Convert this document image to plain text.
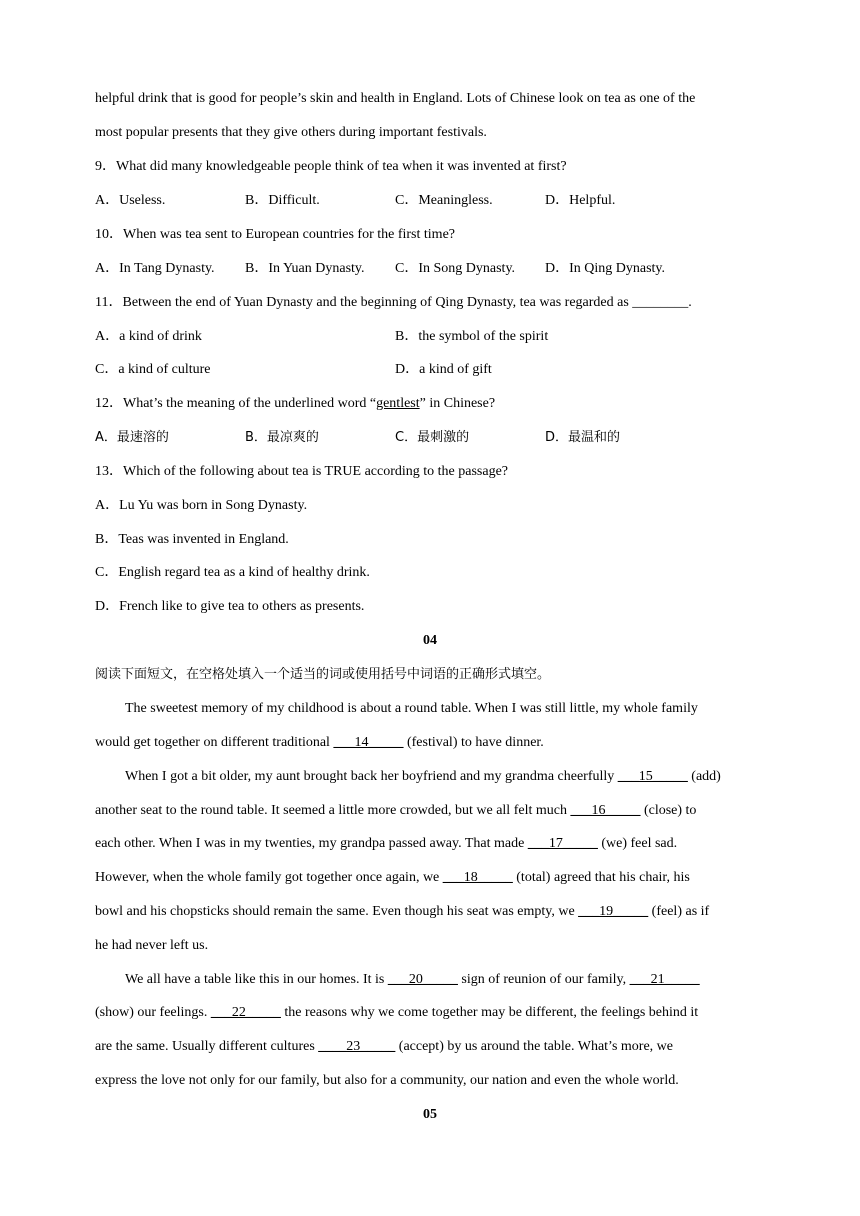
helpful drink that is good for people’s skin and health in England. Lots of Chinese look on tea as one of the
most popular presents that they give others during important festivals.
9．What did many knowledgeable people think of tea when it was invented at first?
A．Useless.	B．Difficult.	C．Meaningless.	D．Helpful.
10．When was tea sent to European countries for the first time?
A．In Tang Dynasty. B．In Yuan Dynasty. C．In Song Dynasty. D．In Qing Dynasty.
11．Between the end of Yuan Dynasty and the beginning of Qing Dynasty, tea was regarded as ________.
A．a kind of drink	B．the symbol of the spirit
C．a kind of culture	D．a kind of gift
12．What’s the meaning of the underlined word “gentlest” in Chinese?
A．最速溶的	B．最凉爽的	C．最刺激的	D．最温和的
13．Which of the following about tea is TRUE according to the passage?
A．Lu Yu was born in Song Dynasty.
B．Teas was invented in England.
C．English regard tea as a kind of healthy drink.
D．French like to give tea to others as presents.
04
阅读下面短文，在空格处填入一个适当的词或使用括号中词语的正确形式填空。
The sweetest memory of my childhood is about a round table. When I was still little, my whole family
would get together on different traditional ___14_____ (festival) to have dinner.
When I got a bit older, my aunt brought back her boyfriend and my grandma cheerfully ___15_____ (add)
another seat to the round table. It seemed a little more crowded, but we all felt much ___16_____ (close) to
each other. When I was in my twenties, my grandpa passed away. That made ___17_____ (we) feel sad.
However, when the whole family got together once again, we ___18_____ (total) agreed that his chair, his
bowl and his chopsticks should remain the same. Even though his seat was empty, we ___19_____ (feel) as if
he had never left us.
We all have a table like this in our homes. It is ___20_____ sign of reunion of our family, ___21_____
(show) our feelings. ___22_____ the reasons why we come together may be different, the feelings behind it
are the same. Usually different cultures ____23_____ (accept) by us around the table. What’s more, we
express the love not only for our family, but also for a community, our nation and even the whole world.
05
